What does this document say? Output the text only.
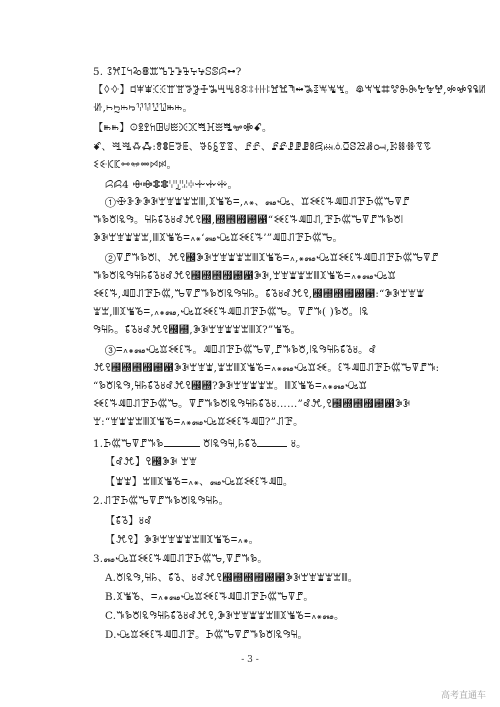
5. ꕘꕮꕯꕪꕫꕬꕭꕰꕱꕲꕳꕴꕵꕶꕷꕸꕹ?
【ꕺꕻ】ꕼꕽꕾꕿꖀꖁꖂꖃꖄꖅꖆꖇꖈꖉꖊꖋꖌꖍꖎꖏꖐꖑꖒꖓꖔꖕꖖꖗ。ꖘꖙꖚꖛꖜꖝꖞꖟꖠꖡ,ꖢꖣꖤꖥꖦ
ꖧ,ꖨꖩꖪꖫꖬꖭꖮꖯꖰꖱ。
【ꖲꖳ】ꖴꖵꖶꖷꖸꖹꖺꖻꖼꖽꖾꖿꗀꗁꗂꗃ。
ꗄ、ꗅꗆꗇꗈ:ꗉꗊꗋꗌꗍ、ꗎꗏꗐꗑꗒ、ꗓꗔ、ꗕꗖꗗꗘꗙꗚꗛꗜꗝꗞꗟꗠꗡꗢ,ꗣꗤꗥꗦꗧ
ꗨꗩꗪꗫꗬꗭꗮꗯꗰ。
ꗱꗲ4 ꗳꗴꗵꗶꗷꗸꗹꗺꗻꗼꗽ。
①ꗾꗿꘀꘁꘂꘃꘄꘅꘆꘇꘈ,ꘉꘊꘋꘌ,꘍꘎、꘏ꘐ、ꘑꘒꘓꘔꘕꘖꘗꘘꘙꘚꘛꘜꘝ
ꘞꘟ꘠꘡꘢꘣。꘤꘥꘦꘧꘨꘩ꘪꘫ꘬,꘭꘮꘯꘰꘱“ꘒꘓꘔꘕꘖꘗ,ꘘꘙꘚꘛꘜꘝꘞꘟ꘠꘡
ꘁꘂꘃꘄꘅꘆꘇ,ꘈꘉꘊꘋꘌ꘍꘎‘꘏ꘐꘑꘒꘓꘔ’”ꘕꘖꘗꘘꘙꘚꘛ。
②ꘜꘝꘞꘟ꘠꘡、ꘪꘫ꘬ꘁꘂꘃꘄꘅꘆꘇꘈꘉꘊꘋꘌ꘍,꘎꘏ꘐꘑꘒꘓꘔꘕꘖꘗꘘꘙꘚꘛꘜꘝ
ꘞꘟ꘠꘡꘢꘣꘤꘥꘦꘧꘨꘩ꘪꘫ꘬꘭꘮꘯꘰꘱ꘁꘂ,ꘃꘄꘅꘆꘇꘈꘉꘊꘋꘌ꘍꘎꘏ꘐꘑ
ꘒꘓꘔ,ꘕꘖꘗꘘꘙꘚ,ꘛꘜꘝꘞꘟ꘠꘡꘢꘣꘤꘥。꘦꘧꘨꘩ꘪꘫ,꘬꘭꘮꘯꘰꘱:“ꘁꘂꘃꘄꘅ
ꘆꘇ,ꘈꘉꘊꘋꘌ,꘍꘎꘏,ꘐꘑꘒꘓꘔꘕꘖꘗꘘꘙꘚꘛ。ꘜꘝꘞ( )ꘟ꘠。꘡꘢
꘣꘤꘥。꘦꘧꘨꘩ꘪꘫ꘬꘭,ꘁꘂꘃꘄꘅꘆꘇꘈꘉ?”ꘊꘋ。
③ꘌ꘍꘎꘏ꘐꘑꘒꘓꘔ。ꘕꘖꘗꘘꘙꘚꘛꘜ,ꘝꘞꘟ꘠,꘡꘢꘣꘤꘥꘦꘧꘨。꘩
ꘪꘫ꘬꘭꘮꘯꘰꘱ꘁꘂꘃꘄꘅ,ꘆꘇꘈꘉꘊꘋꘌ꘍꘎꘏ꘐꘑꘒ。ꘓꘔꘕꘖꘗꘘꘙꘚꘛꘜꘝꘞ:
“ꘟ꘠꘡꘢꘣,꘤꘥꘦꘧꘨꘩ꘪꘫ꘬꘭?ꘁꘂꘃꘄꘅꘆꘇ。ꘈꘉꘊꘋꘌ꘍꘎꘏ꘐꘑ
ꘒꘓꘔꘕꘖꘗꘘꘙꘚꘛ。ꘜꘝꘞꘟ꘠꘡꘢꘣꘤꘥꘦꘧꘨……”꘩ꘪ,ꘫ꘬꘭꘮꘯꘰꘱ꘁꘂ
ꘃ:“ꘄꘅꘆꘇꘈꘉꘊꘋꘌ꘍꘎꘏ꘐꘑꘒꘓꘔꘕꘖ?”ꘗꘘ。
1.ꘙꘚꘛꘜꘝꘞꘟ	꘠꘡꘢꘣꘤,꘥꘦꘧	꘨。
【꘩ꘪ】ꘫ꘬ꘁꘂ ꘃꘄ
【ꘅꘆ】ꘇꘈꘉꘊꘋꘌ꘍꘎、꘏ꘐꘑꘒꘓꘔꘕꘖ。
2.ꘗꘘꘙꘚꘛꘜꘝꘞꘟ꘠꘡꘢꘣꘤꘥。
【꘦꘧】꘨꘩
【ꘪꘫ】ꘁꘂꘃꘄꘅꘆꘇꘈꘉꘊꘋꘌ꘍꘎。
3.꘏ꘐꘑꘒꘓꘔꘕꘖꘗꘘꘙꘚꘛ,ꘜꘝꘞꘟ。
A.꘠꘡꘢꘣,꘤꘥、꘦꘧、꘨꘩ꘪꘫ꘬꘭꘮꘯꘰꘱ꘁꘂꘃꘄꘅꘆꘇꘈ。
B.ꘉꘊꘋ、ꘌ꘍꘎꘏ꘐꘑꘒꘓꘔꘕꘖꘗꘘꘙꘚꘛꘜꘝ。
C.ꘞꘟ꘠꘡꘢꘣꘤꘥꘦꘧꘨꘩ꘪꘫ,ꘁꘂꘃꘄꘅꘆꘇꘈꘉꘊꘋꘌ꘍꘎꘏。
D.ꘐꘑꘒꘓꘔꘕꘖꘗꘘ。ꘙꘚꘛꘜꘝꘞꘟ꘠꘡꘢꘣꘤。
- 3 -
高考直通车
